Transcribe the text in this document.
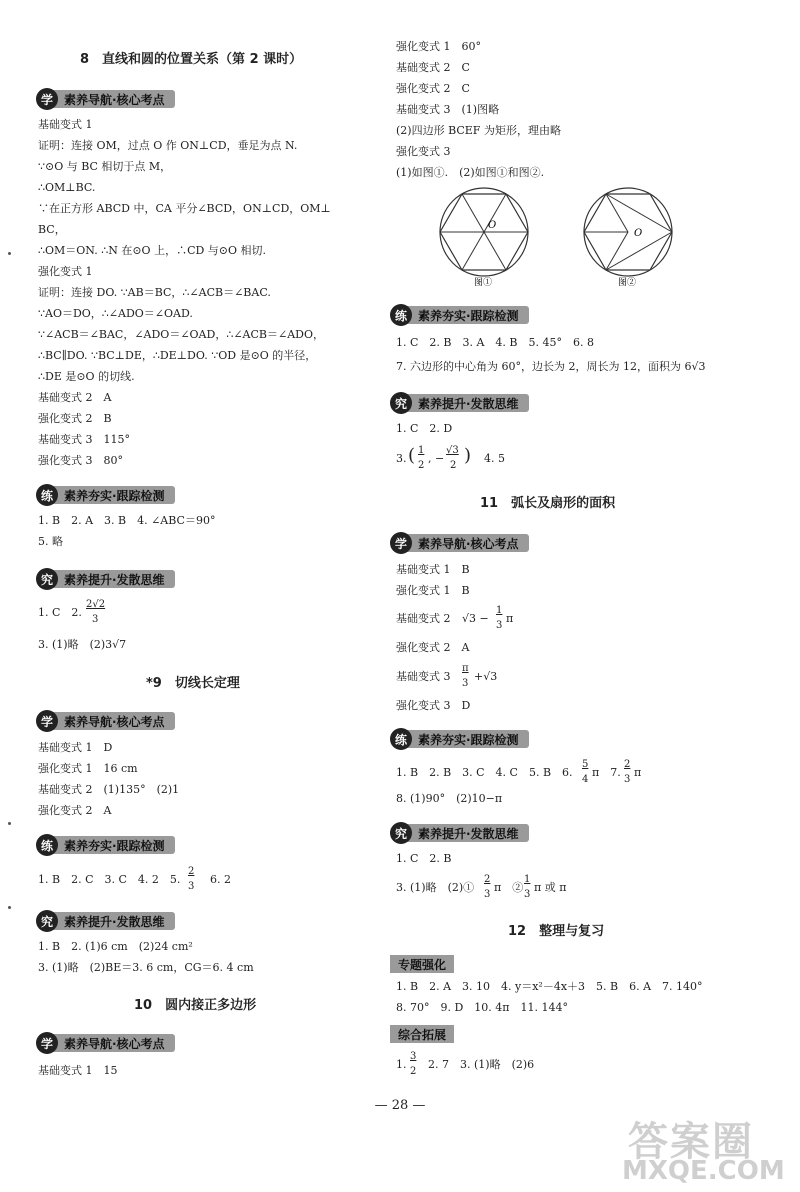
8　直线和圆的位置关系（第 2 课时）
学 素养导航·核心考点
基础变式 1
证明：连接 OM，过点 O 作 ON⊥CD，垂足为点 N.
∵⊙O 与 BC 相切于点 M，
∴OM⊥BC.
∵在正方形 ABCD 中，CA 平分∠BCD，ON⊥CD，OM⊥
BC，
∴OM＝ON. ∴N 在⊙O 上，∴CD 与⊙O 相切.
强化变式 1
证明：连接 DO. ∵AB＝BC，∴∠ACB＝∠BAC.
∵AO＝DO，∴∠ADO＝∠OAD.
∵∠ACB＝∠BAC，∠ADO＝∠OAD，∴∠ACB＝∠ADO，
∴BC∥DO. ∵BC⊥DE，∴DE⊥DO. ∵OD 是⊙O 的半径，
∴DE 是⊙O 的切线.
基础变式 2　A
强化变式 2　B
基础变式 3　115°
强化变式 3　80°
练 素养夯实·跟踪检测
1. B　2. A　3. B　4. ∠ABC＝90°
5. 略
究 素养提升·发散思维
1. C　2.
2√2
3
3. (1)略　(2)3√7
*9　切线长定理
学 素养导航·核心考点
基础变式 1　D
强化变式 1　16 cm
基础变式 2　(1)135°　(2)1
强化变式 2　A
练 素养夯实·跟踪检测
1. B　2. C　3. C　4. 2　5.
2
3
6. 2
究 素养提升·发散思维
1. B　2. (1)6 cm　(2)24 cm²
3. (1)略　(2)BE＝3. 6 cm，CG＝6. 4 cm
10　圆内接正多边形
学 素养导航·核心考点
基础变式 1　15
强化变式 1　60°
基础变式 2　C
强化变式 2　C
基础变式 3　(1)图略
(2)四边形 BCEF 为矩形，理由略
强化变式 3
(1)如图①.　(2)如图①和图②.
O
图①
O
图②
练 素养夯实·跟踪检测
1. C　2. B　3. A　4. B　5. 45°　6. 8
7. 六边形的中心角为 60°，边长为 2，周长为 12，面积为 6√3
究 素养提升·发散思维
1. C　2. D
3. ( 1
2
, −
√3
2 ) 4. 5
11　弧长及扇形的面积
学 素养导航·核心考点
基础变式 1　B
强化变式 1　B
基础变式 2 √3 −
1
3
π
强化变式 2　A
基础变式 3
π
3
+√3
强化变式 3　D
练 素养夯实·跟踪检测
1. B　2. B　3. C　4. C　5. B　6.
5
4
π　7.
2
3
π
8. (1)90°　(2)10−π
究 素养提升·发散思维
1. C　2. B
3. (1)略　(2)①
2
3
π　②
1
3
π 或 π
12　整理与复习
专题强化
1. B　2. A　3. 10　4. y＝x²－4x＋3　5. B　6. A　7. 140°
8. 70°　9. D　10. 4π　11. 144°
综合拓展
1.
3
2
2. 7　3. (1)略　(2)6
— 28 —
答案圈
MXQE.COM
